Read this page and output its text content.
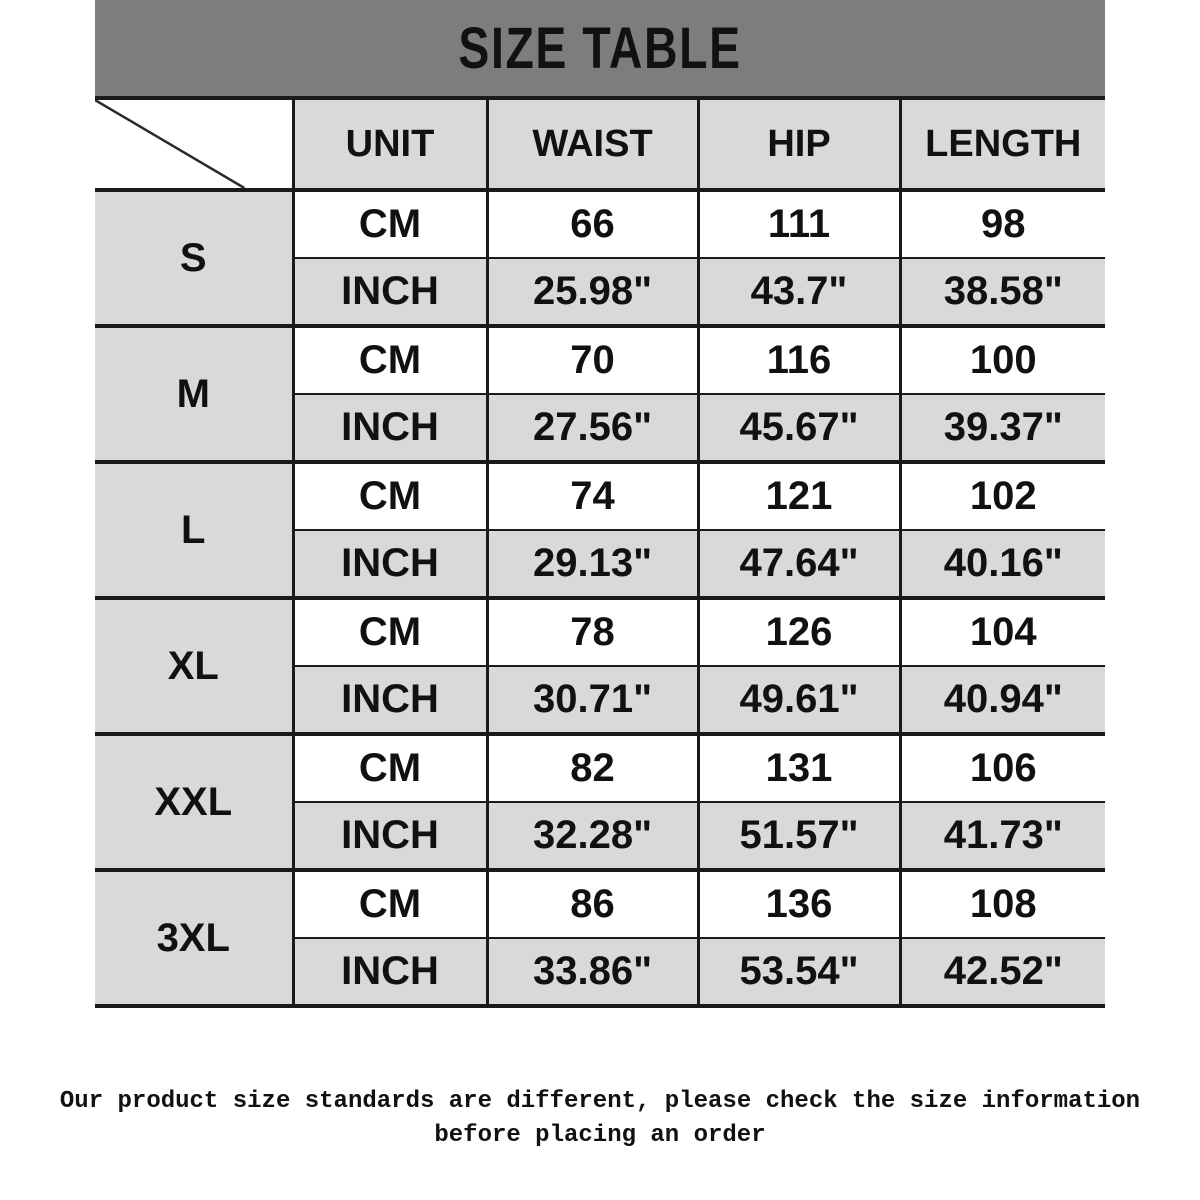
SIZE TABLE
	UNIT	WAIST	HIP	LENGTH
S	CM	66	111	98
	INCH	25.98"	43.7"	38.58"
M	CM	70	116	100
	INCH	27.56"	45.67"	39.37"
L	CM	74	121	102
	INCH	29.13"	47.64"	40.16"
XL	CM	78	126	104
	INCH	30.71"	49.61"	40.94"
XXL	CM	82	131	106
	INCH	32.28"	51.57"	41.73"
3XL	CM	86	136	108
	INCH	33.86"	53.54"	42.52"
Our product size standards are different, please check the size information
before placing an order
